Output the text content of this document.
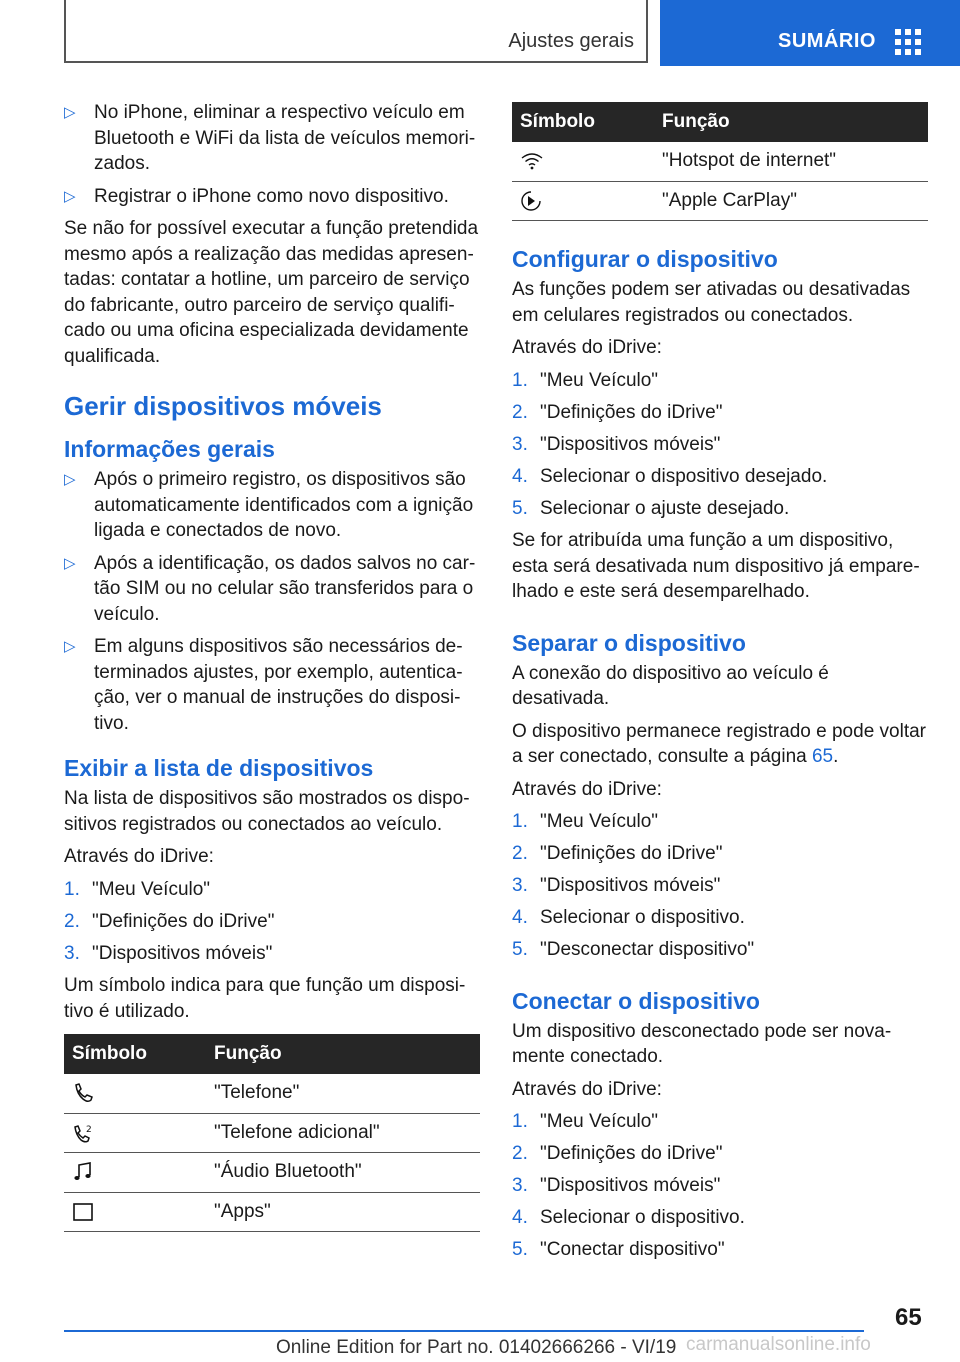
Ajustes gerais	SUMÁRIO
▷ No iPhone, eliminar a respectivo veículo em Bluetooth e WiFi da lista de veículos memori-zados.
▷ Registrar o iPhone como novo dispositivo.

Se não for possível executar a função pretendida mesmo após a realização das medidas apresen-tadas: contatar a hotline, um parceiro de serviço do fabricante, outro parceiro de serviço qualifi-cado ou uma oficina especializada devidamente qualificada.

Gerir dispositivos móveis
Informações gerais
▷ Após o primeiro registro, os dispositivos são automaticamente identificados com a ignição ligada e conectados de novo.
▷ Após a identificação, os dados salvos no car-tão SIM ou no celular são transferidos para o veículo.
▷ Em alguns dispositivos são necessários de-terminados ajustes, por exemplo, autentica-ção, ver o manual de instruções do disposi-tivo.
Exibir a lista de dispositivos

Na lista de dispositivos são mostrados os dispo-sitivos registrados ou conectados ao veículo.

Através do iDrive:

1. "Meu Veículo"
2. "Definições do iDrive"
3. "Dispositivos móveis"

Um símbolo indica para que função um disposi-tivo é utilizado.

Símbolo	Função

	"Telefone"

2	"Telefone adicional"

	"Áudio Bluetooth"

	"Apps"
Símbolo	Função

	"Hotspot de internet"

	"Apple CarPlay"
Configurar o dispositivo

As funções podem ser ativadas ou desativadas em celulares registrados ou conectados.

Através do iDrive:

1. "Meu Veículo"
2. "Definições do iDrive"
3. "Dispositivos móveis"
4. Selecionar o dispositivo desejado.
5. Selecionar o ajuste desejado.

Se for atribuída uma função a um dispositivo, esta será desativada num dispositivo já empare-lhado e este será desemparelhado.

Separar o dispositivo

A conexão do dispositivo ao veículo é desativada.

O dispositivo permanece registrado e pode voltar a ser conectado, consulte a página 65.

Através do iDrive:

1. "Meu Veículo"
2. "Definições do iDrive"
3. "Dispositivos móveis"
4. Selecionar o dispositivo.
5. "Desconectar dispositivo"
Conectar o dispositivo

Um dispositivo desconectado pode ser nova-mente conectado.

Através do iDrive:

1. "Meu Veículo"
2. "Definições do iDrive"
3. "Dispositivos móveis"
4. Selecionar o dispositivo.
5. "Conectar dispositivo"
65
Online Edition for Part no. 01402666266 - VI/19 carmanualsonline.info
